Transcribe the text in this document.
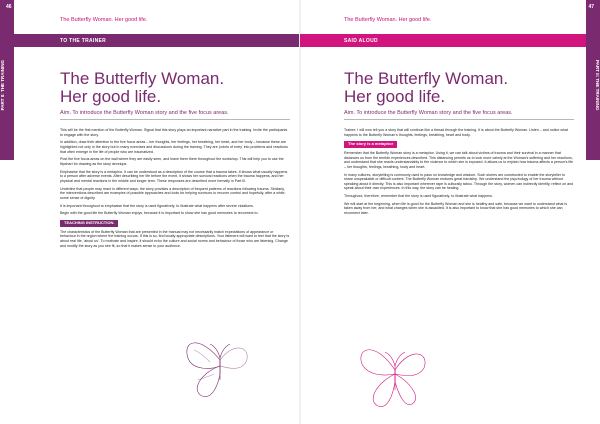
PART II: THE TRAINING
46
The Butterfly Woman. Her good life.
TO THE TRAINER
The Butterfly Woman.
Her good life.
Aim. To introduce the Butterfly Woman story and the five focus areas.

This will be the first mention of the Butterfly Woman. Signal that this story plays an important narrative part in the training. Invite the participants to engage with the story.

In addition, draw their attention to the five focus areas – her thoughts, her feelings, her breathing, her heart, and her body – because these are highlighted not only in the story but in many exercises and discussions during the training. They are 'points of entry' into problems and reactions that often emerge in the life of people who are traumatized.

Post the five focus areas on the wall where they are easily seen, and leave them there throughout the workshop. This will help you to use the flipchart for drawing as the story develops.

Emphasise that the story is a metaphor. It can be understood as a description of the course that a trauma takes. It shows what usually happens to a person after adverse events. After describing her life before the event, it shows her survival reactions when the trauma happens, and her physical and mental reactions in the middle and longer term. These responses are described more formally in Part III.

Underline that people may react in different ways: the story provides a description of frequent patterns of reactions following trauma. Similarly, the interventions described are examples of possible approaches and tools for helping survivors to recover control and hopefully, after a while, some sense of dignity.

It is important throughout to emphasise that the story is used figuratively, to illustrate what happens after severe violations.

Begin with the good life the Butterfly Woman enjoys, because it is important to show she has good memories to reconnect to.

TEACHING INSTRUCTION.

The characteristics of the Butterfly Woman that are presented in the manual may not necessarily match expectations of appearance or behaviour in the region where the training occurs. If this is so, find locally appropriate descriptions. Your listeners will want to feel that the story is about real life, 'about us'. To motivate and inspire, it should echo the culture and social norms and behaviour of those who are listening. Change and modify the story as you see fit, so that it makes sense to your audience.

PART II: THE TRAINING
47
The Butterfly Woman. Her good life.
SAID ALOUD
The Butterfly Woman.
Her good life.
Aim. To introduce the Butterfly Woman story and the five focus areas.

Trainer: I will now tell you a story that will continue like a thread through the training. It is about the Butterfly Woman. Listen – and notice what happens to the Butterfly Woman's thoughts, feelings, breathing, heart and body.

The story is a metaphor

Remember that the Butterfly Woman story is a metaphor. Using it, we can talk about victims of trauma and their survival in a manner that distances us from the terrible experiences described. This distancing permits us to look more calmly at the Woman's suffering and her reactions, and understand that she reacts understandably to the violence to which she is exposed. It allows us to explain how trauma affects a person's life – her thoughts, feelings, breathing, body and heart.

In many cultures, storytelling is commonly used to pass on knowledge and wisdom. Such stories are constructed to enable the storyteller to share unspeakable or difficult content. The Butterfly Woman endures great hardship. We understand the psychology of her trauma without speaking about it directly. This is also important wherever rape is culturally taboo. Through the story, women can indirectly identify, reflect on and speak about their own experiences. In this way, the story can be healing.

Throughout, therefore, remember that the story is used figuratively, to illustrate what happens.

We will start at the beginning, when life is good for the Butterfly Woman and she is healthy and safe, because we want to understand what is taken away from her, and what changes when she is assaulted. It is also important to know that she has good memories to which she can reconnect later.
